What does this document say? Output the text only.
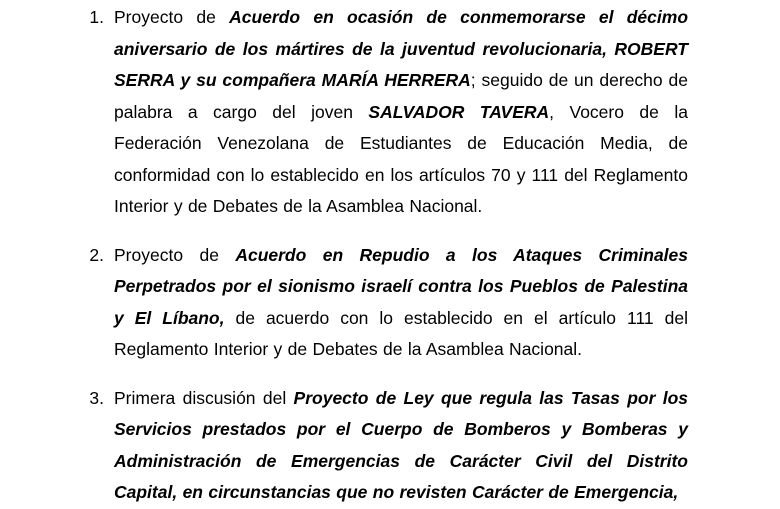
1. Proyecto de Acuerdo en ocasión de conmemorarse el décimo aniversario de los mártires de la juventud revolucionaria, ROBERT SERRA y su compañera MARÍA HERRERA; seguido de un derecho de palabra a cargo del joven SALVADOR TAVERA, Vocero de la Federación Venezolana de Estudiantes de Educación Media, de conformidad con lo establecido en los artículos 70 y 111 del Reglamento Interior y de Debates de la Asamblea Nacional.
2. Proyecto de Acuerdo en Repudio a los Ataques Criminales Perpetrados por el sionismo israelí contra los Pueblos de Palestina y El Líbano, de acuerdo con lo establecido en el artículo 111 del Reglamento Interior y de Debates de la Asamblea Nacional.
3. Primera discusión del Proyecto de Ley que regula las Tasas por los Servicios prestados por el Cuerpo de Bomberos y Bomberas y Administración de Emergencias de Carácter Civil del Distrito Capital, en circunstancias que no revisten Carácter de Emergencia,
